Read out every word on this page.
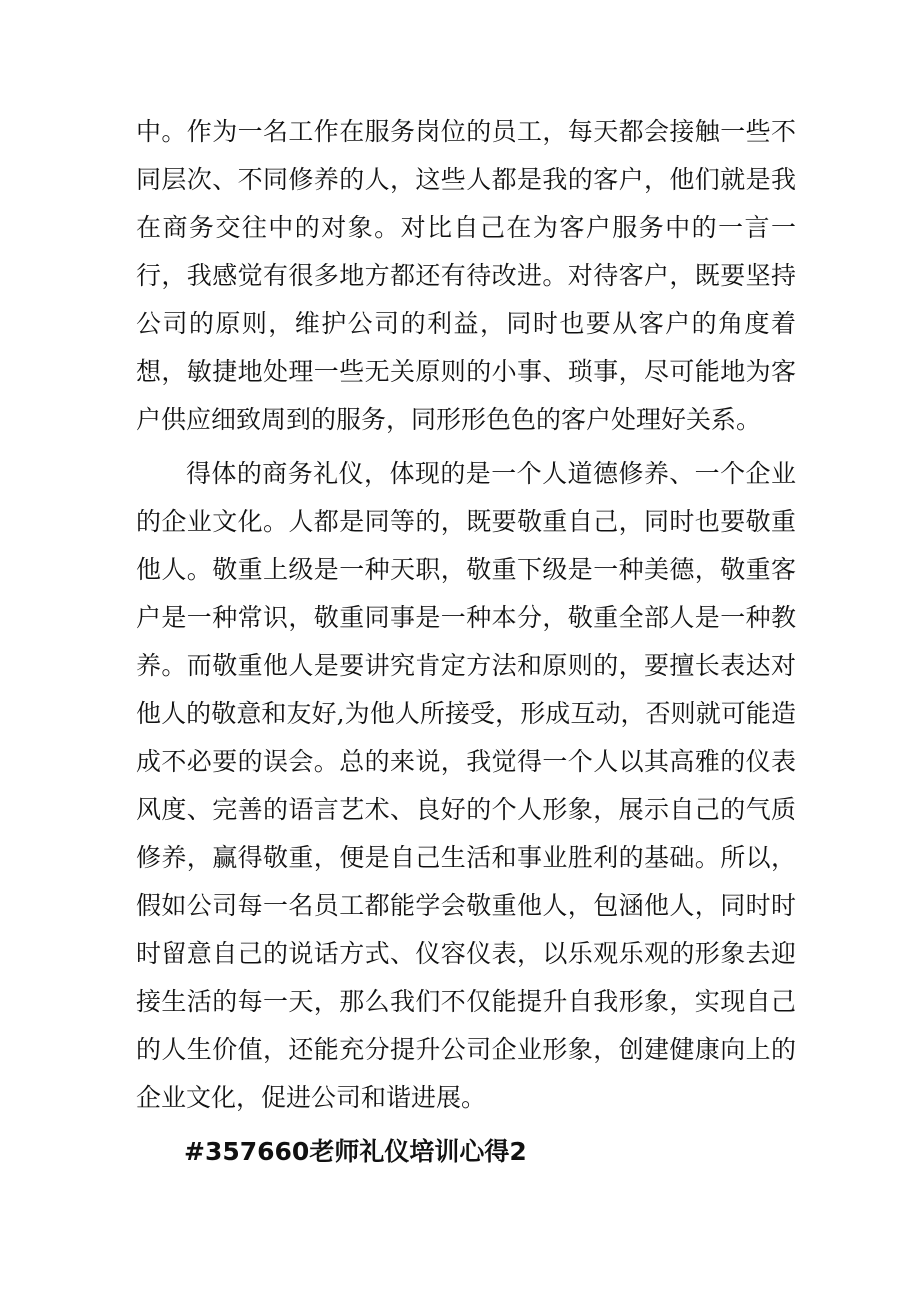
中。作为一名工作在服务岗位的员工，每天都会接触一些不同层次、不同修养的人，这些人都是我的客户，他们就是我在商务交往中的对象。对比自己在为客户服务中的一言一行，我感觉有很多地方都还有待改进。对待客户，既要坚持公司的原则，维护公司的利益，同时也要从客户的角度着想，敏捷地处理一些无关原则的小事、琐事，尽可能地为客户供应细致周到的服务，同形形色色的客户处理好关系。

得体的商务礼仪，体现的是一个人道德修养、一个企业的企业文化。人都是同等的，既要敬重自己，同时也要敬重他人。敬重上级是一种天职，敬重下级是一种美德，敬重客户是一种常识，敬重同事是一种本分，敬重全部人是一种教养。而敬重他人是要讲究肯定方法和原则的，要擅长表达对他人的敬意和友好,为他人所接受，形成互动，否则就可能造成不必要的误会。总的来说，我觉得一个人以其高雅的仪表风度、完善的语言艺术、良好的个人形象，展示自己的气质修养，赢得敬重，便是自己生活和事业胜利的基础。所以，假如公司每一名员工都能学会敬重他人，包涵他人，同时时时留意自己的说话方式、仪容仪表，以乐观乐观的形象去迎接生活的每一天，那么我们不仅能提升自我形象，实现自己的人生价值，还能充分提升公司企业形象，创建健康向上的企业文化，促进公司和谐进展。

#357660老师礼仪培训心得2
